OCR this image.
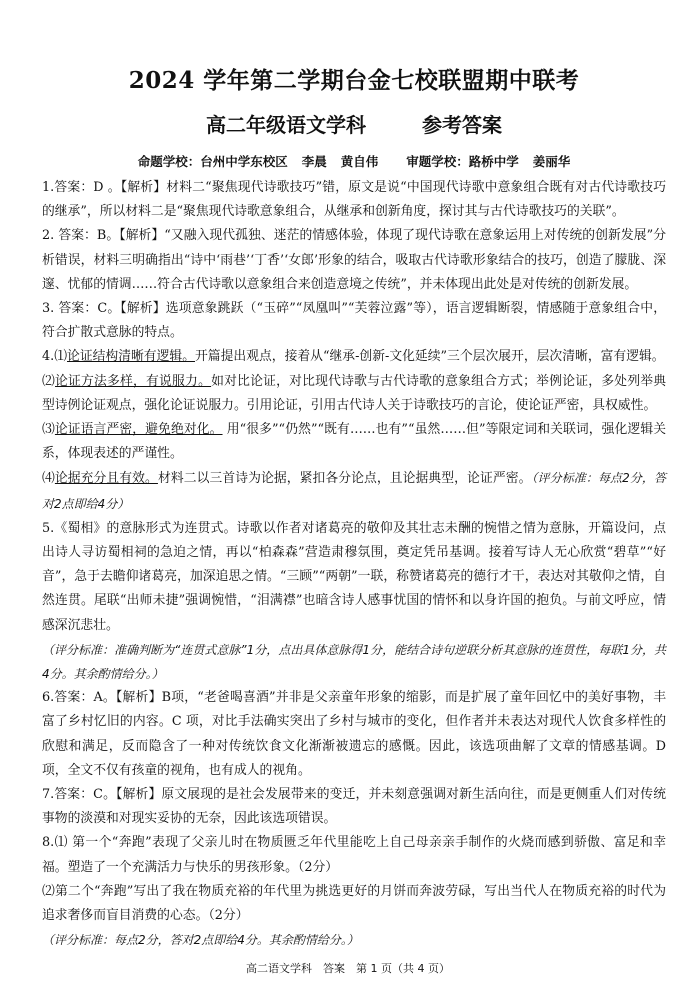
2024 学年第二学期台金七校联盟期中联考
高二年级语文学科	参考答案
命题学校：台州中学东校区 李晨 黄自伟 审题学校：路桥中学 姜丽华

1.答案：D 。【解析】材料二“聚焦现代诗歌技巧”错，原文是说“中国现代诗歌中意象组合既有对古代诗歌技巧的继承”，所以材料二是“聚焦现代诗歌意象组合，从继承和创新角度，探讨其与古代诗歌技巧的关联”。

2. 答案：B。【解析】“又融入现代孤独、迷茫的情感体验，体现了现代诗歌在意象运用上对传统的创新发展”分析错误，材料三明确指出“诗中‘雨巷’‘丁香’‘女郎’形象的结合，吸取古代诗歌形象结合的技巧，创造了朦胧、深邃、忧郁的情调……符合古代诗歌以意象组合来创造意境之传统”，并未体现出此处是对传统的创新发展。

3. 答案：C。【解析】选项意象跳跃（“玉碎”“凤凰叫”“芙蓉泣露”等），语言逻辑断裂，情感随于意象组合中，符合扩散式意脉的特点。

4.⑴论证结构清晰有逻辑。开篇提出观点，接着从“继承-创新-文化延续”三个层次展开，层次清晰，富有逻辑。

⑵论证方法多样，有说服力。如对比论证，对比现代诗歌与古代诗歌的意象组合方式；举例论证，多处列举典型诗例论证观点，强化论证说服力。引用论证，引用古代诗人关于诗歌技巧的言论，使论证严密，具权威性。

⑶论证语言严密，避免绝对化。 用“很多”“仍然”“既有……也有”“虽然……但”等限定词和关联词，强化逻辑关系，体现表述的严谨性。

⑷论据充分且有效。材料二以三首诗为论据，紧扣各分论点，且论据典型，论证严密。（评分标准：每点2分，答对2点即给4分）

5.《蜀相》的意脉形式为连贯式。诗歌以作者对诸葛亮的敬仰及其壮志未酬的惋惜之情为意脉，开篇设问，点出诗人寻访蜀相祠的急迫之情，再以“柏森森”营造肃穆氛围，奠定凭吊基调。接着写诗人无心欣赏“碧草”“好音”，急于去瞻仰诸葛亮，加深追思之情。“三顾”“两朝”一联，称赞诸葛亮的德行才干，表达对其敬仰之情，自然连贯。尾联“出师未捷”强调惋惜，“泪满襟”也暗含诗人感事忧国的情怀和以身许国的抱负。与前文呼应，情感深沉悲壮。

（评分标准：准确判断为“连贯式意脉”1分，点出具体意脉得1分，能结合诗句逆联分析其意脉的连贯性，每联1分，共4分。其余酌情给分。）

6.答案：A。【解析】B项，“老爸喝喜酒”并非是父亲童年形象的缩影，而是扩展了童年回忆中的美好事物，丰富了乡村忆旧的内容。C 项，对比手法确实突出了乡村与城市的变化，但作者并未表达对现代人饮食多样性的欣慰和满足，反而隐含了一种对传统饮食文化渐渐被遗忘的感慨。因此，该选项曲解了文章的情感基调。D项，全文不仅有孩童的视角，也有成人的视角。

7.答案：C。【解析】原文展现的是社会发展带来的变迁，并未刻意强调对新生活向往，而是更侧重人们对传统事物的淡漠和对现实妥协的无奈，因此该选项错误。

8.⑴ 第一个“奔跑”表现了父亲儿时在物质匮乏年代里能吃上自己母亲亲手制作的火烧而感到骄傲、富足和幸福。塑造了一个充满活力与快乐的男孩形象。（2分）

⑵第二个“奔跑”写出了我在物质充裕的年代里为挑选更好的月饼而奔波劳碌，写出当代人在物质充裕的时代为追求奢侈而盲目消费的心态。（2分）

（评分标准：每点2分，答对2点即给4分。其余酌情给分。）

高二语文学科　答案　第 1 页（共 4 页）
